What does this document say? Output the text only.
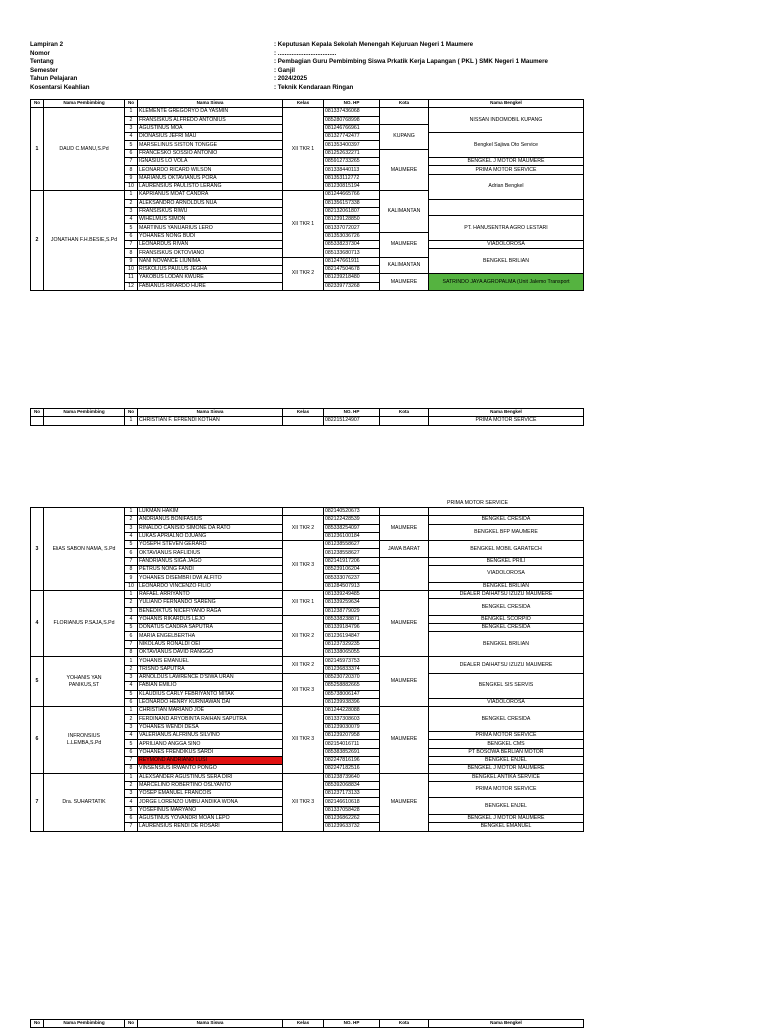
Lampiran 2	: Keputusan Kepala Sekolah Menengah Kejuruan Negeri 1 Maumere
Nomor	: ..................................
Tentang	: Pembagian Guru Pembimbing Siswa Prkatik Kerja Lapangan ( PKL ) SMK Negeri 1 Maumere
Semester	: Ganjil
Tahun Pelajaran	: 2024/2025
Kosentarsi Keahlian	: Teknik Kendaraan Ringan
No	Nama Pembimbing	No	Nama Siswa	Kelas	NO. HP	Kota	Nama Bengkel	
1	DAUD C.MANU,S.Pd	1	KLEMENTE GREGORYO DA YASMIN	XII TKR 1	081337436068		NISSAN INDOMOBIL KUPANG	
		2	FRANSISKUS ALFREDO ANTONIUS		085280768998			
		3	AGUSTINUS MOA		081246766961	KUPANG		
		4	DIONASIUS JEFRI MAU		081327742477		Bengkel Sajiwa Oto Service	
		5	MARSELINUS SISTON TONGGE		081353400397			
		6	FRANCESKO SOSSIO ANTONIO		081252632271	MAUMERE		
		7	IGNASIUS LO VOLA		085912733265		BENGKEL J MOTOR MAUMERE	
		8	LEONARDO RICARD WILSON		081338440113		PRIMA MOTOR SERVICE	
		9	MARIANUS OKTAVIANUS PORA		081353112772		Adrian Bengkel	
		10	LAURENSIUS PAULISTO LERANG		081230815194			
2	JONATHAN F.H.BESIE,S.Pd	1	KAPRIANUS MOAT CANDRA	XII TKR 1	081244665766	KALIMANTAN	
		2	ALEKSANDRO ARNOLDUS NUA		081356157338			
		3	FRANSISKUS RIWU		082132061807			
		4	WIHELMUS SIMON		081239128850		PT. HANUSENTRA AGRO LESTARI	
		5	MARTINUS YANUARIUS LERO		081337072027			
		6	YOHANES NONG BUDI		081353036726	MAUMERE		
		7	LEONARDUS RIVAN		085338237304		VIADOLOROSA	
		8	FRANSISKUS OKTOVIANO		085133680713		BENGKEL BRILIAN	
		9	NANI NOVANCE LIUNIMA	XII TKR 2	081247661911	KALIMANTAN		
		10	RISKOLIUS PAULUS JEGHA		082147504678			
		11	YAKOBUS LODAN KWURE		081239218480	MAUMERE	SATRINDO JAYA AGROPALMA (Unit Jalemo Transport	
		12	FABIANUS RIKARDO HURE		082339773268			
No	Nama Pembimbing	No	Nama Siswa	Kelas	NO. HP	Kota	Nama Bengkel
		1	CHRISTIAN F. EFRENDI KOTHAN		082215124907		PRIMA MOTOR SERVICE
PRIMA MOTOR SERVICE
3	EliAS SABON NAMA, S.Pd	1	LUKMAN HAKIM		082140520673		
		2	ANDRIANUS BONIFASIUS	XII TKR 2	082122428539	MAUMERE	BENGKEL CRESIDA
		3	RINALDO CANISIO SIMONE DA RATO		085338254097		BENGKEL BFP MAUMERE
		4	LUKAS APRIALNO DJUANG		081236100184		
		5	YOSEPH STEVEN GERARD	XII TKR 3	081238558627	JAWA BARAT	BENGKEL MOBIL GARATECH
		6	OKTAVIANUS RAFLIDIUS		081238558627		
		7	FANDRIANUS SIGA JAGO		082141917206		BENGKEL PRILI
		8	PETRUS NONG FANDI		085239106204		VIADOLOROSA
		9	YOHANES DISEMBRI DWI ALFITO		085333076237		
		10	LEONARDO VINCENZO FILIO		081284507913		BENGKEL BRILIAN
4	FLORIANUS P.SAJA,S.Pd	1	RAFAEL ARRIYANTO	XII TKR 1	081339249485	MAUMERE	DEALER DAIHATSU IZUZU MAUMERE
		2	YULIANO FERNANDO SARENG		081339259634		BENGKEL CRESIDA
		3	BENEDIKTUS NICEFIYANO RAGA		081238779029		
		4	YOHANIS RIKARDUS LEJO	XII TKR 2	085338238871		BENGKEL SCORPIO
		5	DONATUS CANDRA SAPUTRA		081339184796		BENGKEL CRESIDA
		6	MARIA ENGELBERTHA		081236194847		BENGKEL BRILIAN
		7	NIKOLAUS RONALDI OEI		081237329235		
		8	OKTAVIANUS DAVID RANGGO		081338065055		
5	YOHANIS YAN
PANIKUS,ST	1	YOHANIS EMANUEL	XII TKR 2	082145973753	MAUMERE	DEALER DAIHATSU IZUZU MAUMERE
		2	TRISNO SAPUTRA		081236833374		
		3	ARNOLDUS LAWRENCE D'SIWA URAN	XII TKR 3	085230720370		BENGKEL SIS SERVIS
		4	FABIAN EMILIO		085258882665		
		5	KLAUDIUS CARLY FEBRIYANTO MITAK		085738006147		
		6	LEONARDO HENRY KURNIAWAN DAI		081239938396		VIADOLOROSA
6	INFRONSIUS
L.LEMBA,S.Pd	1	CHRISTIAN MARIANO JOE	XII TKR 3	081244228088	MAUMERE	BENGKEL CRESIDA
		2	FERDINAND ARYOBINTA RAIHAN SAPUTRA		081337308603		
		3	YOHANES WENDI DESA		081239030079		
		4	VALERIANUS ALFRINUS SILVINO		081239207958		PRIMA MOTOR SERVICE
		5	APRILIANO ANGGA SINO		082154016711		BENGKEL CMS
		6	YOHANES FRENDIKUS SARDI		085383852691		PT BOSOWA BERLIAN MOTOR
		7	REYMOND ANDRIANO LUSI		082247816196		BENGKEL ENJEL
		8	VINSENSIUS IRWANTO PONGO		082247182516		BENGKEL J MOTOR MAUMERE
7	Dra. SUHARTATIK	1	ALEXSANDER AGUSTINUS SERA DIRI	XII TKR 3	081238739640	MAUMERE	BENGKEL ANTIKA SERVICE
		2	MARCELINO ROBERTINO OSLYANTO		085392068834		PRIMA MOTOR SERVICE
		3	YOSEP EMANUEL FRANCOIS		081237173133		
		4	JORGE LORENZO UMBU ANDIKA WONA		082146610618		BENGKEL ENJEL
		5	YOSEFINUS MARYANO		081337058428		
		6	AGUSTINUS YOVANDRI MOAN LEPO		081236862262		BENGKEL J MOTOR MAUMERE
		7	LAURENSIUS RENDI DE ROSARI		081239633732		BENGKEL EMANUEL
No	Nama Pembimbing	No	Nama Siswa	Kelas	NO. HP	Kota	Nama Bengkel
